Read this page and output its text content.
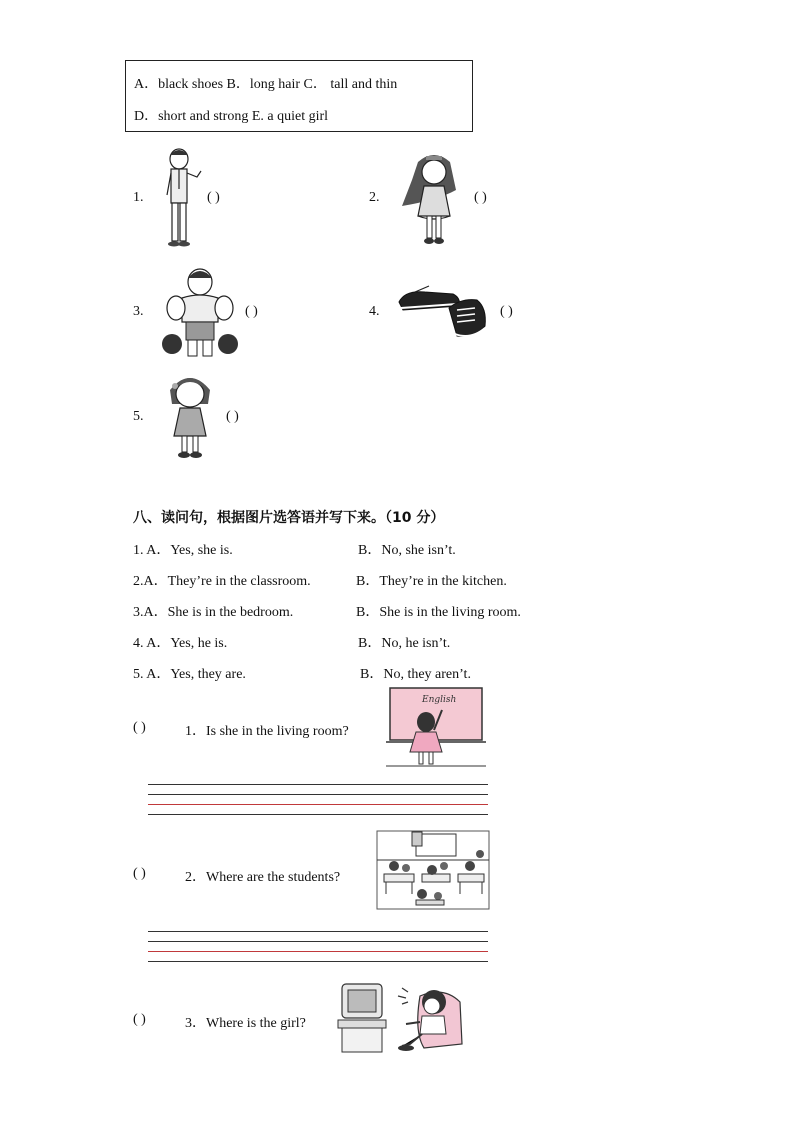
A．black shoes B．long hair C． tall and thin
D．short and strong E. a quiet girl
1.	( )	2.	( )
3.	( )	4.	( )
5.	( )
八、读问句，根据图片选答语并写下来。（10 分）
1. A．Yes, she is.	B．No, she isn’t.
2.A．They’re in the classroom.	B．They’re in the kitchen.
3.A．She is in the bedroom.	B．She is in the living room.
4. A．Yes, he is.	B．No, he isn’t.
5. A．Yes, they are.	B．No, they aren’t.
( )	1．Is she in the living room?
English
( )	2．Where are the students?
( )	3．Where is the girl?
